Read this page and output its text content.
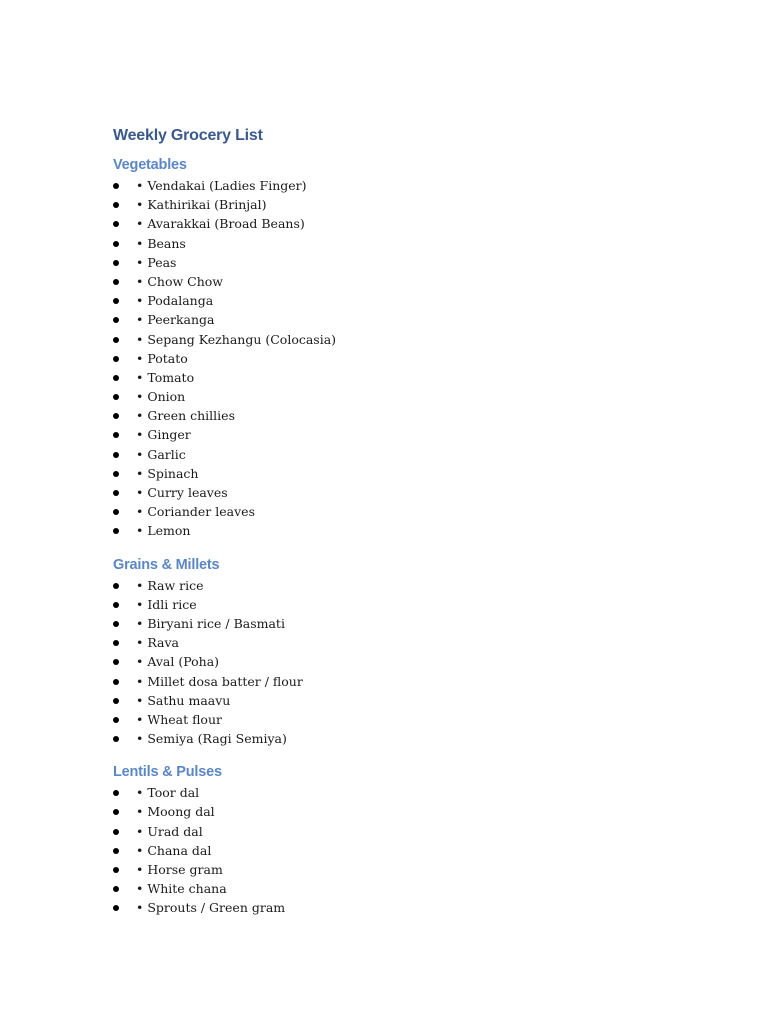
Weekly Grocery List
Vegetables
• Vendakai (Ladies Finger)
• Kathirikai (Brinjal)
• Avarakkai (Broad Beans)
• Beans
• Peas
• Chow Chow
• Podalanga
• Peerkanga
• Sepang Kezhangu (Colocasia)
• Potato
• Tomato
• Onion
• Green chillies
• Ginger
• Garlic
• Spinach
• Curry leaves
• Coriander leaves
• Lemon
Grains & Millets
• Raw rice
• Idli rice
• Biryani rice / Basmati
• Rava
• Aval (Poha)
• Millet dosa batter / flour
• Sathu maavu
• Wheat flour
• Semiya (Ragi Semiya)
Lentils & Pulses
• Toor dal
• Moong dal
• Urad dal
• Chana dal
• Horse gram
• White chana
• Sprouts / Green gram
